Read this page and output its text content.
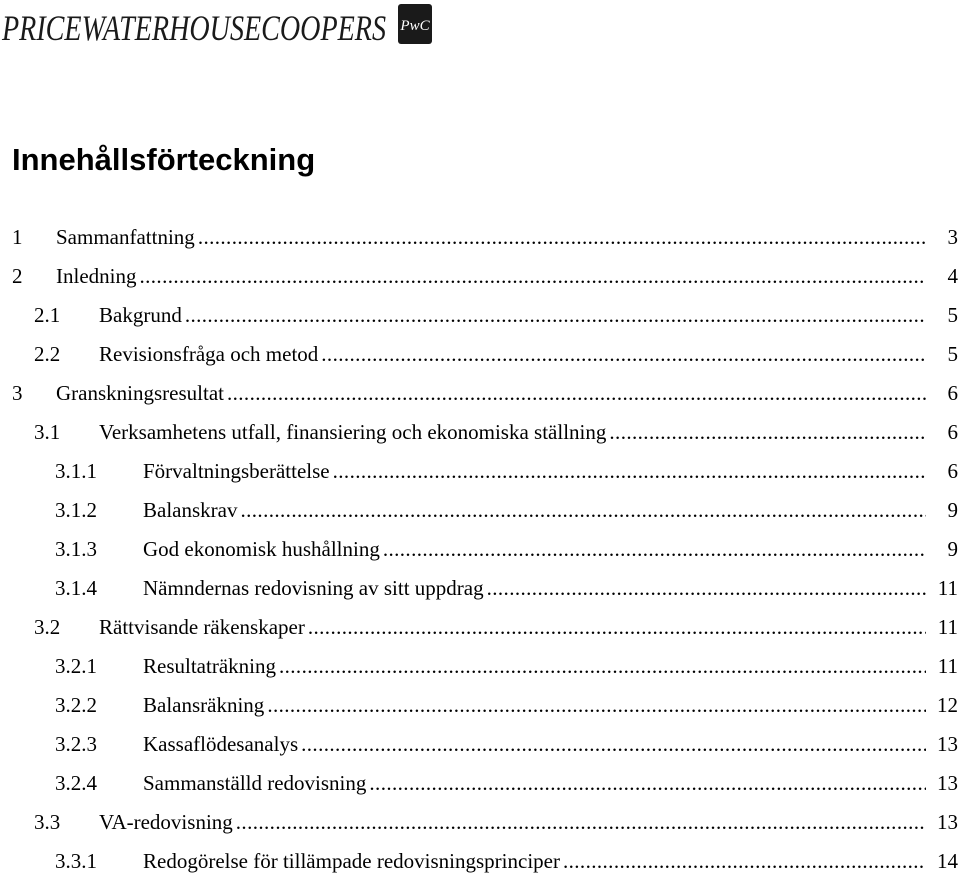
PRICEWATERHOUSECOOPERS PwC
Innehållsförteckning
1 Sammanfattning .....	3
2 Inledning .....	4
2.1 Bakgrund .....	5
2.2 Revisionsfråga och metod .....	5
3 Granskningsresultat .....	6
3.1 Verksamhetens utfall, finansiering och ekonomiska ställning .....	6
3.1.1 Förvaltningsberättelse .....	6
3.1.2 Balanskrav .....	9
3.1.3 God ekonomisk hushållning .....	9
3.1.4 Nämndernas redovisning av sitt uppdrag .....	11
3.2 Rättvisande räkenskaper .....	11
3.2.1 Resultaträkning .....	11
3.2.2 Balansräkning .....	12
3.2.3 Kassaflödesanalys .....	13
3.2.4 Sammanställd redovisning .....	13
3.3 VA-redovisning .....	13
3.3.1 Redogörelse för tillämpade redovisningsprinciper .....	14
